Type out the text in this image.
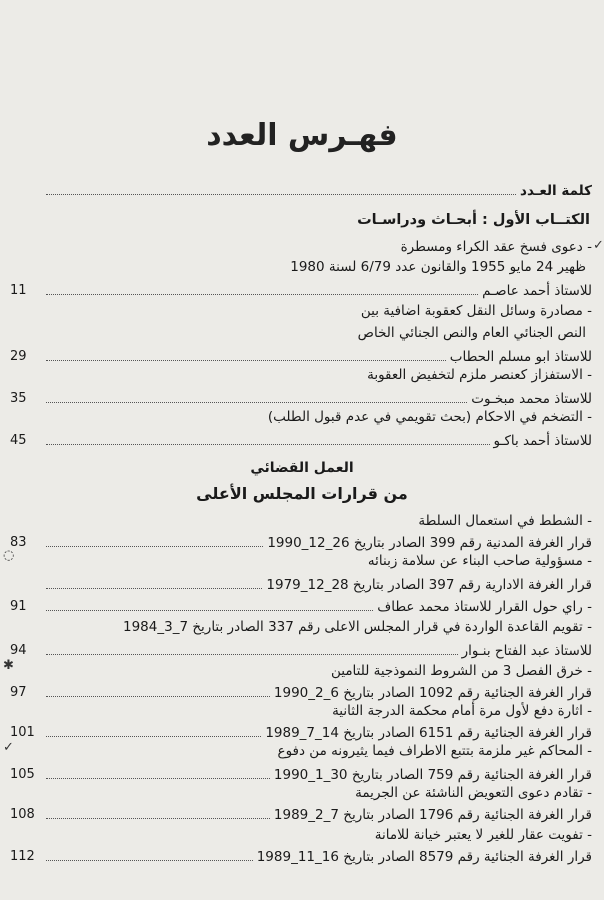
فهـرس العدد
كلمة العـدد
الكتــاب الأول : أبحـاث ودراسـات
- دعوى فسخ عقد الكراء ومسطرة
ظهير 24 مايو 1955 والقانون عدد 6/79 لسنة 1980
للاستاذ أحمد عاصـم
11
- مصادرة وسائل النقل كعقوبة اضافية بين
النص الجنائي العام والنص الجنائي الخاص
للاستاذ ابو مسلم الحطاب
29
- الاستفزاز كعنصر ملزم لتخفيض العقوبة
للاستاذ محمد مبخـوت
35
- التضخم في الاحكام (بحث تقويمي في عدم قبول الطلب)
للاستاذ أحمد باكـو
45
العمل القضائي
من قرارات المجلس الأعلى
- الشطط في استعمال السلطة
قرار الغرفة المدنية رقم 399 الصادر بتاريخ 26_12_1990
83
- مسؤولية صاحب البناء عن سلامة زبنائه
قرار الغرفة الادارية رقم 397 الصادر بتاريخ 28_12_1979
- راي حول القرار للاستاذ محمد عطاف
91
- تقويم القاعدة الواردة في قرار المجلس الاعلى رقم 337 الصادر بتاريخ 7_3_1984
للاستاذ عبد الفتاح بنـوار
94
- خرق الفصل 3 من الشروط النموذجية للتامين
قرار الغرفة الجنائية رقم 1092 الصادر بتاريخ 6_2_1990
97
- اثارة دفع لأول مرة أمام محكمة الدرجة الثانية
قرار الغرفة الجنائية رقم 6151 الصادر بتاريخ 14_7_1989
101
- المحاكم غير ملزمة بتتبع الاطراف فيما يثيرونه من دفوع
قرار الغرفة الجنائية رقم 759 الصادر بتاريخ 30_1_1990
105
- تقادم دعوى التعويض الناشئة عن الجريمة
قرار الغرفة الجنائية رقم 1796 الصادر بتاريخ 7_2_1989
108
- تفويت عقار للغير لا يعتبر خيانة للامانة
قرار الغرفة الجنائية رقم 8579 الصادر بتاريخ 16_11_1989
112
✓
◌
✱
✓
